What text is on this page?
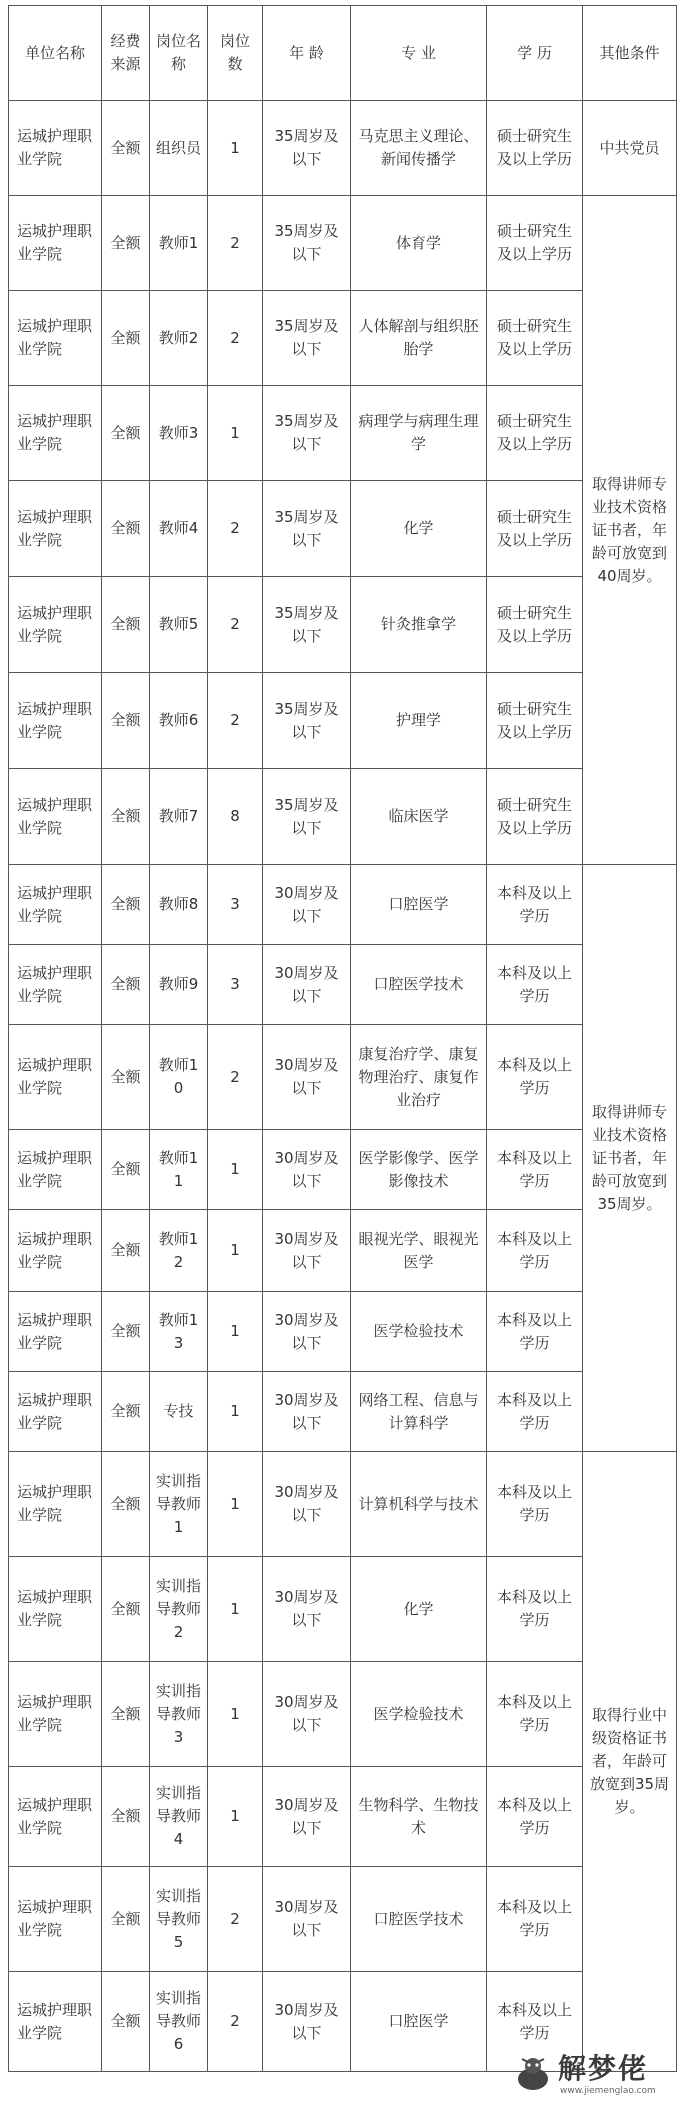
单位名称	经费来源	岗位名称	岗位数	年 龄	专 业	学 历	其他条件
运城护理职业学院	全额	组织员	1	35周岁及以下	马克思主义理论、新闻传播学	硕士研究生及以上学历	中共党员
运城护理职业学院	全额	教师1	2	35周岁及以下	体育学	硕士研究生及以上学历	取得讲师专业技术资格证书者，年龄可放宽到40周岁。
运城护理职业学院	全额	教师2	2	35周岁及以下	人体解剖与组织胚胎学	硕士研究生及以上学历	
运城护理职业学院	全额	教师3	1	35周岁及以下	病理学与病理生理学	硕士研究生及以上学历	
运城护理职业学院	全额	教师4	2	35周岁及以下	化学	硕士研究生及以上学历	
运城护理职业学院	全额	教师5	2	35周岁及以下	针灸推拿学	硕士研究生及以上学历	
运城护理职业学院	全额	教师6	2	35周岁及以下	护理学	硕士研究生及以上学历	
运城护理职业学院	全额	教师7	8	35周岁及以下	临床医学	硕士研究生及以上学历	
运城护理职业学院	全额	教师8	3	30周岁及以下	口腔医学	本科及以上学历	取得讲师专业技术资格证书者，年龄可放宽到35周岁。
运城护理职业学院	全额	教师9	3	30周岁及以下	口腔医学技术	本科及以上学历	
运城护理职业学院	全额	教师10	2	30周岁及以下	康复治疗学、康复物理治疗、康复作业治疗	本科及以上学历	
运城护理职业学院	全额	教师11	1	30周岁及以下	医学影像学、医学影像技术	本科及以上学历	
运城护理职业学院	全额	教师12	1	30周岁及以下	眼视光学、眼视光医学	本科及以上学历	
运城护理职业学院	全额	教师13	1	30周岁及以下	医学检验技术	本科及以上学历	
运城护理职业学院	全额	专技	1	30周岁及以下	网络工程、信息与计算科学	本科及以上学历	
运城护理职业学院	全额	实训指导教师1	1	30周岁及以下	计算机科学与技术	本科及以上学历	取得行业中级资格证书者，年龄可放宽到35周岁。
运城护理职业学院	全额	实训指导教师2	1	30周岁及以下	化学	本科及以上学历	
运城护理职业学院	全额	实训指导教师3	1	30周岁及以下	医学检验技术	本科及以上学历	
运城护理职业学院	全额	实训指导教师4	1	30周岁及以下	生物科学、生物技术	本科及以上学历	
运城护理职业学院	全额	实训指导教师5	2	30周岁及以下	口腔医学技术	本科及以上学历	
运城护理职业学院	全额	实训指导教师6	2	30周岁及以下	口腔医学	本科及以上学历	
解梦佬
www.jiemenglao.com
